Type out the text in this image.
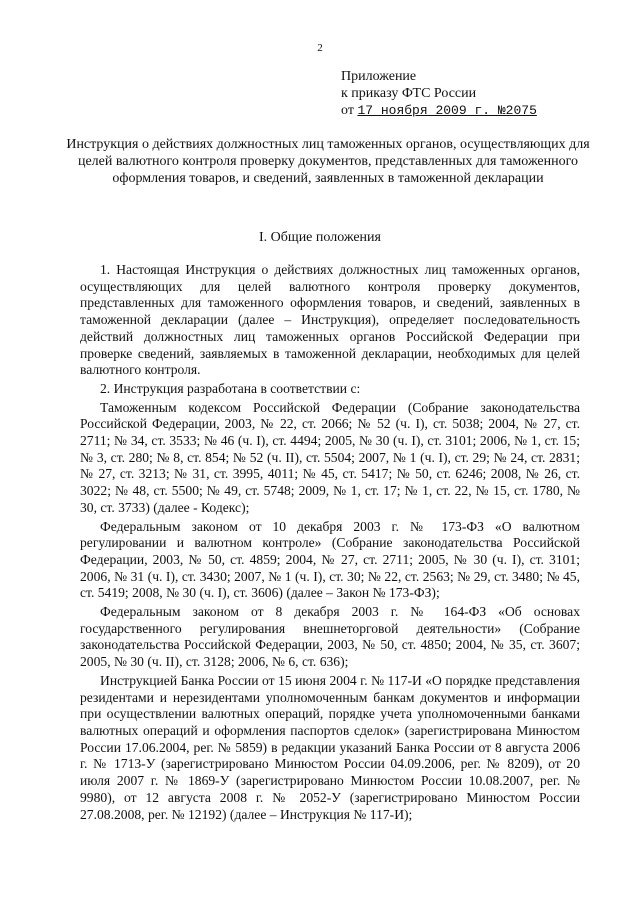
2
Приложение
к приказу ФТС России
от 17 ноября 2009 г. №2075
Инструкция о действиях должностных лиц таможенных органов, осуществляющих для целей валютного контроля проверку документов, представленных для таможенного оформления товаров, и сведений, заявленных в таможенной декларации
I. Общие положения

1. Настоящая Инструкция о действиях должностных лиц таможенных органов, осуществляющих для целей валютного контроля проверку документов, представленных для таможенного оформления товаров, и сведений, заявленных в таможенной декларации (далее – Инструкция), определяет последовательность действий должностных лиц таможенных органов Российской Федерации при проверке сведений, заявляемых в таможенной декларации, необходимых для целей валютного контроля.

2. Инструкция разработана в соответствии с:

Таможенным кодексом Российской Федерации (Собрание законодательства Российской Федерации, 2003, № 22, ст. 2066; № 52 (ч. I), ст. 5038; 2004, № 27, ст. 2711; № 34, ст. 3533; № 46 (ч. I), ст. 4494; 2005, № 30 (ч. I), ст. 3101; 2006, № 1, ст. 15; № 3, ст. 280; № 8, ст. 854; № 52 (ч. II), ст. 5504; 2007, № 1 (ч. I), ст. 29; № 24, ст. 2831; № 27, ст. 3213; № 31, ст. 3995, 4011; № 45, ст. 5417; № 50, ст. 6246; 2008, № 26, ст. 3022; № 48, ст. 5500; № 49, ст. 5748; 2009, № 1, ст. 17; № 1, ст. 22, № 15, ст. 1780, № 30, ст. 3733) (далее - Кодекс);

Федеральным законом от 10 декабря 2003 г. № 173-ФЗ «О валютном регулировании и валютном контроле» (Собрание законодательства Российской Федерации, 2003, № 50, ст. 4859; 2004, № 27, ст. 2711; 2005, № 30 (ч. I), ст. 3101; 2006, № 31 (ч. I), ст. 3430; 2007, № 1 (ч. I), ст. 30; № 22, ст. 2563; № 29, ст. 3480; № 45, ст. 5419; 2008, № 30 (ч. I), ст. 3606) (далее – Закон № 173-ФЗ);

Федеральным законом от 8 декабря 2003 г. № 164-ФЗ «Об основах государственного регулирования внешнеторговой деятельности» (Собрание законодательства Российской Федерации, 2003, № 50, ст. 4850; 2004, № 35, ст. 3607; 2005, № 30 (ч. II), ст. 3128; 2006, № 6, ст. 636);

Инструкцией Банка России от 15 июня 2004 г. № 117-И «О порядке представления резидентами и нерезидентами уполномоченным банкам документов и информации при осуществлении валютных операций, порядке учета уполномоченными банками валютных операций и оформления паспортов сделок» (зарегистрирована Минюстом России 17.06.2004, рег. № 5859) в редакции указаний Банка России от 8 августа 2006 г. № 1713-У (зарегистрировано Минюстом России 04.09.2006, рег. № 8209), от 20 июля 2007 г. № 1869-У (зарегистрировано Минюстом России 10.08.2007, рег. № 9980), от 12 августа 2008 г. № 2052-У (зарегистрировано Минюстом России 27.08.2008, рег. № 12192) (далее – Инструкция № 117-И);
